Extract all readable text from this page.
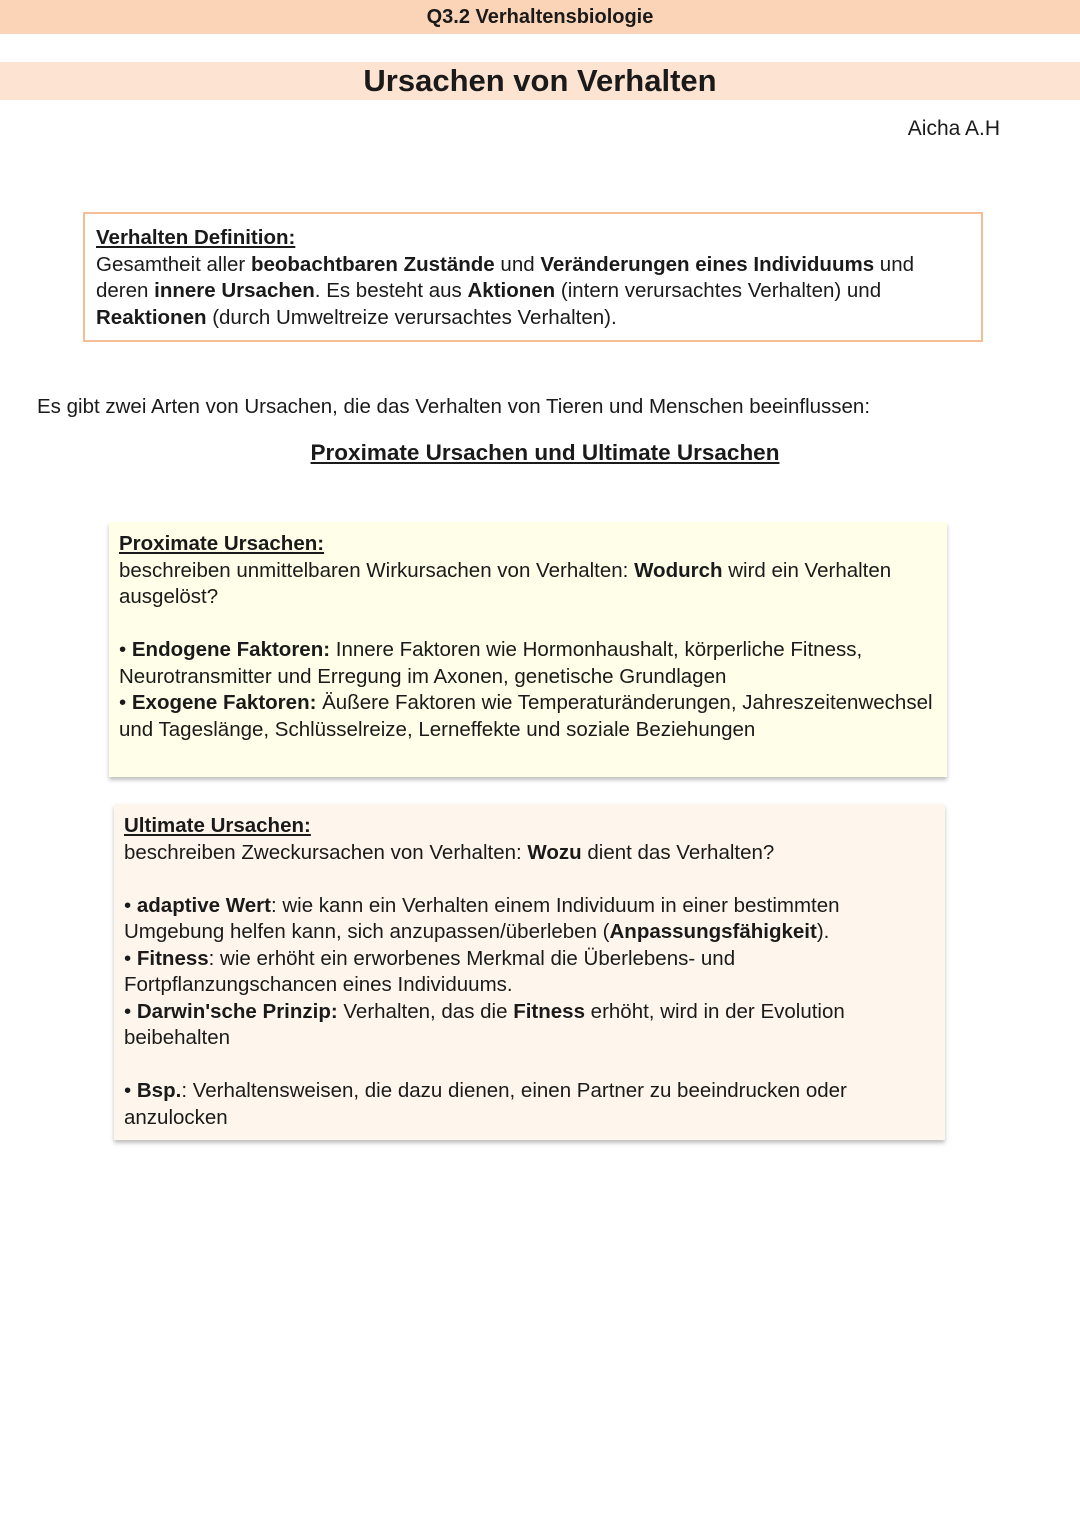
Q3.2 Verhaltensbiologie
Ursachen von Verhalten
Aicha A.H
Verhalten Definition:
Gesamtheit aller beobachtbaren Zustände und Veränderungen eines Individuums und deren innere Ursachen. Es besteht aus Aktionen (intern verursachtes Verhalten) und Reaktionen (durch Umweltreize verursachtes Verhalten).
Es gibt zwei Arten von Ursachen, die das Verhalten von Tieren und Menschen beeinflussen:
Proximate Ursachen und Ultimate Ursachen
Proximate Ursachen:
beschreiben unmittelbaren Wirkursachen von Verhalten: Wodurch wird ein Verhalten ausgelöst?
• Endogene Faktoren: Innere Faktoren wie Hormonhaushalt, körperliche Fitness, Neurotransmitter und Erregung im Axonen, genetische Grundlagen
• Exogene Faktoren: Äußere Faktoren wie Temperaturänderungen, Jahreszeitenwechsel und Tageslänge, Schlüsselreize, Lerneffekte und soziale Beziehungen
Ultimate Ursachen:
beschreiben Zweckursachen von Verhalten: Wozu dient das Verhalten?
• adaptive Wert: wie kann ein Verhalten einem Individuum in einer bestimmten Umgebung helfen kann, sich anzupassen/überleben (Anpassungsfähigkeit).
• Fitness: wie erhöht ein erworbenes Merkmal die Überlebens- und Fortpflanzungschancen eines Individuums.
• Darwin'sche Prinzip: Verhalten, das die Fitness erhöht, wird in der Evolution beibehalten
• Bsp.: Verhaltensweisen, die dazu dienen, einen Partner zu beeindrucken oder anzulocken
